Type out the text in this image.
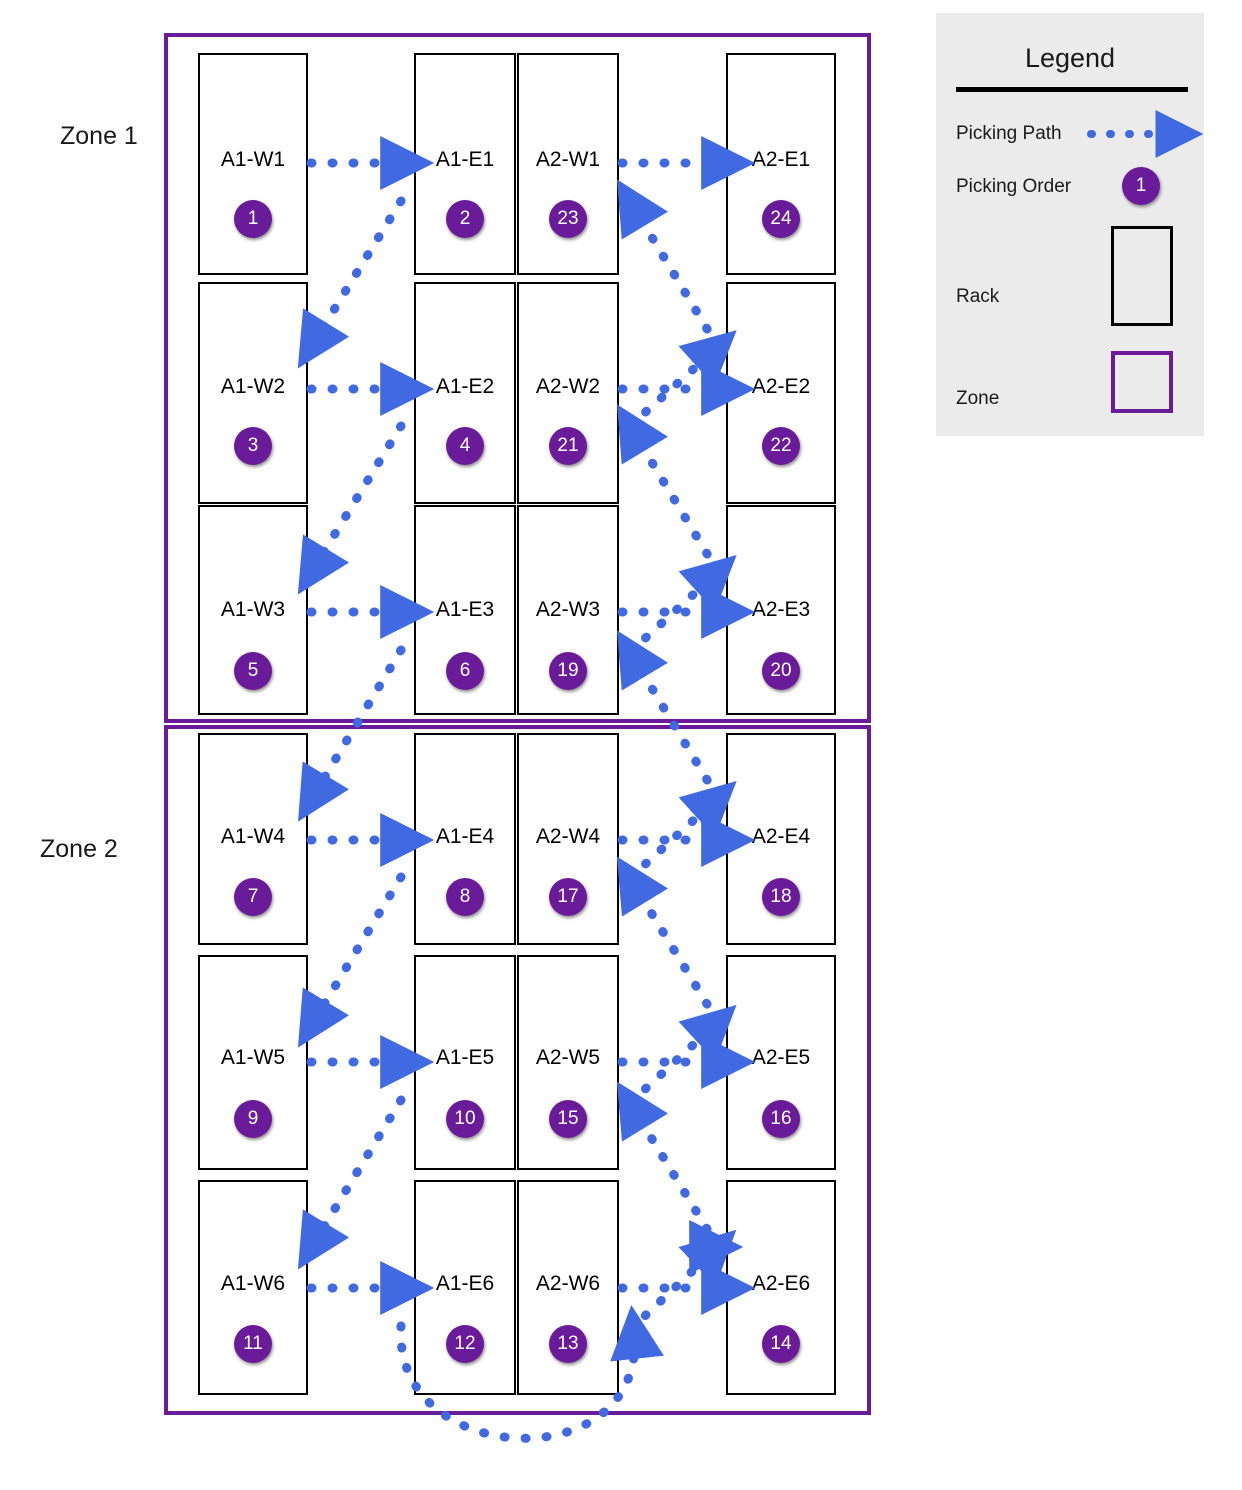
Zone 1
Zone 2
A1-W1
1
A1-E1
2
A2-W1
23
A2-E1
24
A1-W2
3
A1-E2
4
A2-W2
21
A2-E2
22
A1-W3
5
A1-E3
6
A2-W3
19
A2-E3
20
A1-W4
7
A1-E4
8
A2-W4
17
A2-E4
18
A1-W5
9
A1-E5
10
A2-W5
15
A2-E5
16
A1-W6
11
A1-E6
12
A2-W6
13
A2-E6
14
Legend
Picking Path
Picking Order	1
Rack
Zone
